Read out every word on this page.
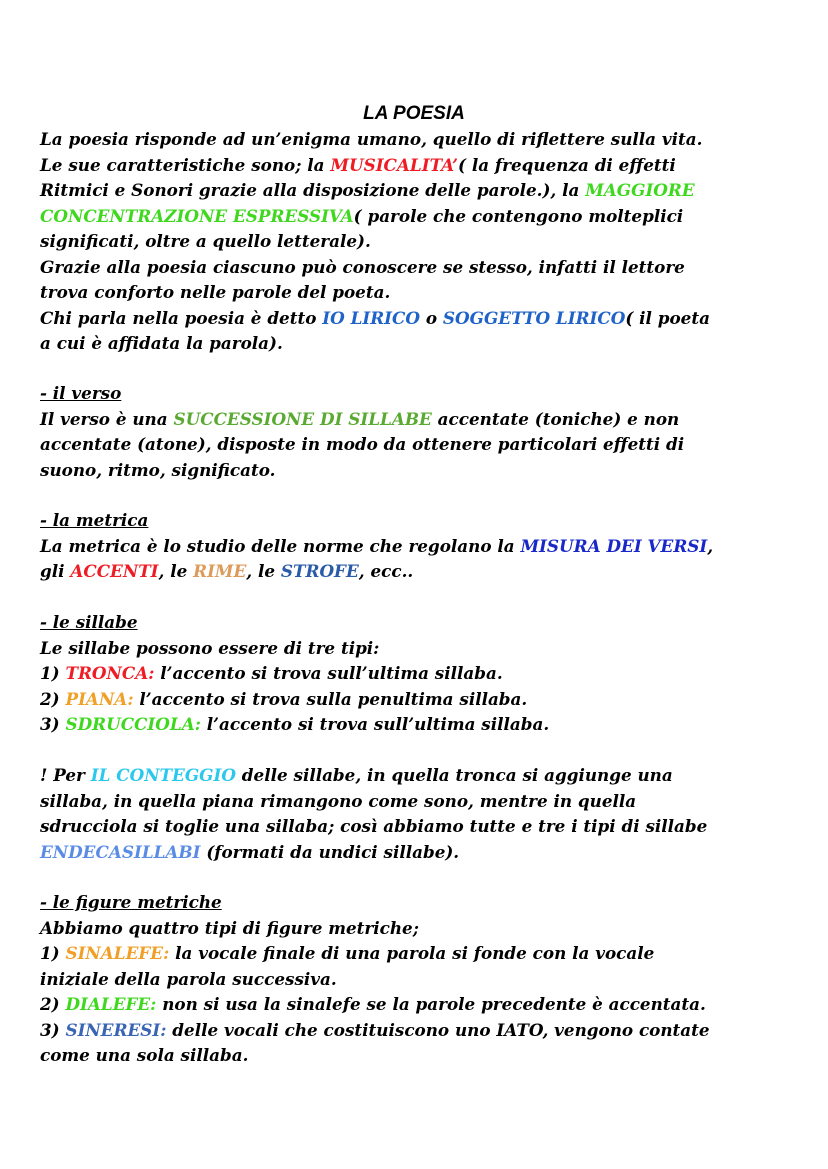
LA POESIA
La poesia risponde ad un’enigma umano, quello di riflettere sulla vita.
Le sue caratteristiche sono; la MUSICALITA’( la frequenza di effetti
Ritmici e Sonori grazie alla disposizione delle parole.), la MAGGIORE
CONCENTRAZIONE ESPRESSIVA( parole che contengono molteplici
significati, oltre a quello letterale).
Grazie alla poesia ciascuno può conoscere se stesso, infatti il lettore
trova conforto nelle parole del poeta.
Chi parla nella poesia è detto IO LIRICO o SOGGETTO LIRICO( il poeta
a cui è affidata la parola).
- il verso
Il verso è una SUCCESSIONE DI SILLABE accentate (toniche) e non
accentate (atone), disposte in modo da ottenere particolari effetti di
suono, ritmo, significato.
- la metrica
La metrica è lo studio delle norme che regolano la MISURA DEI VERSI,
gli ACCENTI, le RIME, le STROFE, ecc..
- le sillabe
Le sillabe possono essere di tre tipi:
1) TRONCA: l’accento si trova sull’ultima sillaba.
2) PIANA: l’accento si trova sulla penultima sillaba.
3) SDRUCCIOLA: l’accento si trova sull’ultima sillaba.
! Per IL CONTEGGIO delle sillabe, in quella tronca si aggiunge una
sillaba, in quella piana rimangono come sono, mentre in quella
sdrucciola si toglie una sillaba; così abbiamo tutte e tre i tipi di sillabe
ENDECASILLABI (formati da undici sillabe).
- le figure metriche
Abbiamo quattro tipi di figure metriche;
1) SINALEFE: la vocale finale di una parola si fonde con la vocale
iniziale della parola successiva.
2) DIALEFE: non si usa la sinalefe se la parole precedente è accentata.
3) SINERESI: delle vocali che costituiscono uno IATO, vengono contate
come una sola sillaba.
